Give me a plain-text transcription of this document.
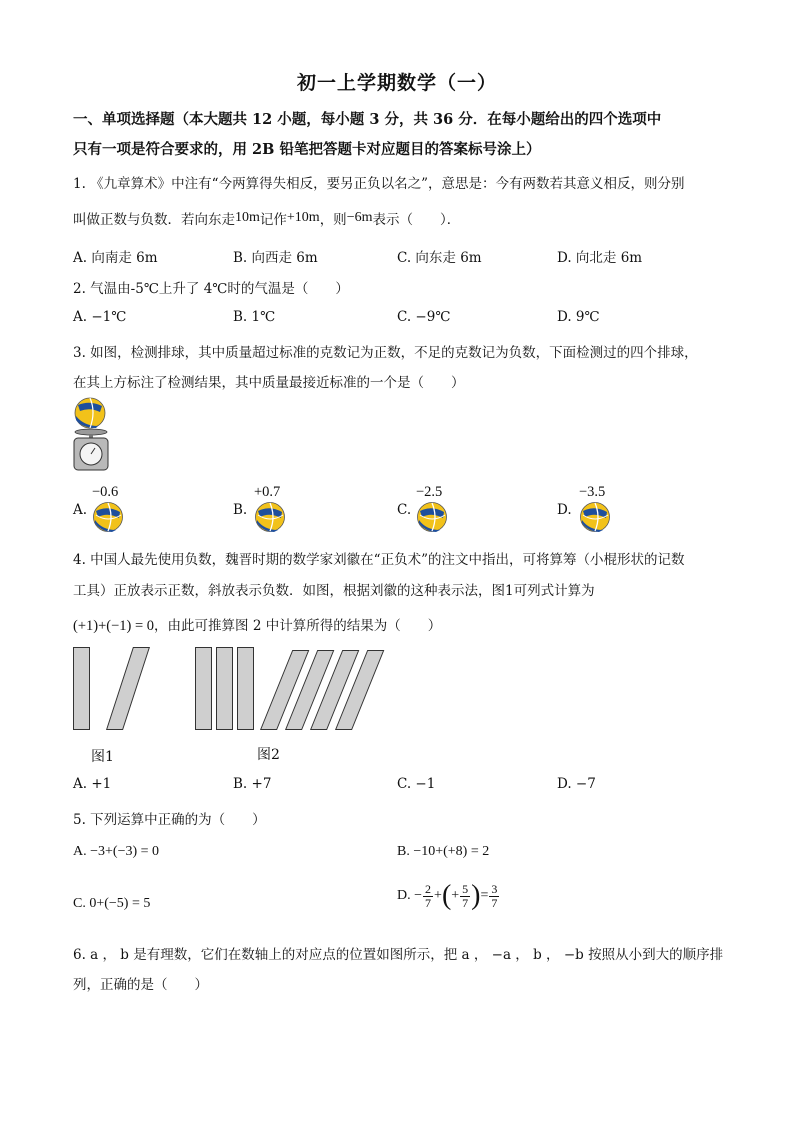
初一上学期数学（一）
一、单项选择题（本大题共 12 小题，每小题 3 分，共 36 分．在每小题给出的四个选项中
只有一项是符合要求的，用 2B 铅笔把答题卡对应题目的答案标号涂上）
1. 《九章算术》中注有“今两算得失相反，要另正负以名之”，意思是：今有两数若其意义相反，则分别
叫做正数与负数．若向东走10m记作+10m，则−6m表示（　　）．
A. 向南走 6m	B. 向西走 6m	C. 向东走 6m	D. 向北走 6m
2. 气温由-5℃上升了 4℃时的气温是（　　）
A. −1℃	B. 1℃	C. −9℃	D. 9℃
3. 如图，检测排球，其中质量超过标准的克数记为正数，不足的克数记为负数，下面检测过的四个排球，
在其上方标注了检测结果，其中质量最接近标准的一个是（　　）
A.
−0.6
B.
+0.7
C.
−2.5
D.
−3.5
4. 中国人最先使用负数，魏晋时期的数学家刘徽在“正负术”的注文中指出，可将算筹（小棍形状的记数
工具）正放表示正数，斜放表示负数．如图，根据刘徽的这种表示法，图1可列式计算为
(+1)+(−1) = 0，由此可推算图 2 中计算所得的结果为（　　）
图1	图2
A. +1	B. +7	C. −1	D. −7
5. 下列运算中正确的为（　　）
A. −3+(−3) = 0	B. −10+(+8) = 2
C. 0+(−5) = 5
D. − $\frac{2}{7}$ +(+ $\frac{5}{7}$ )= $\frac{3}{7}$
6. a ， b 是有理数，它们在数轴上的对应点的位置如图所示，把 a ， −a ， b ， −b 按照从小到大的顺序排
列，正确的是（　　）
